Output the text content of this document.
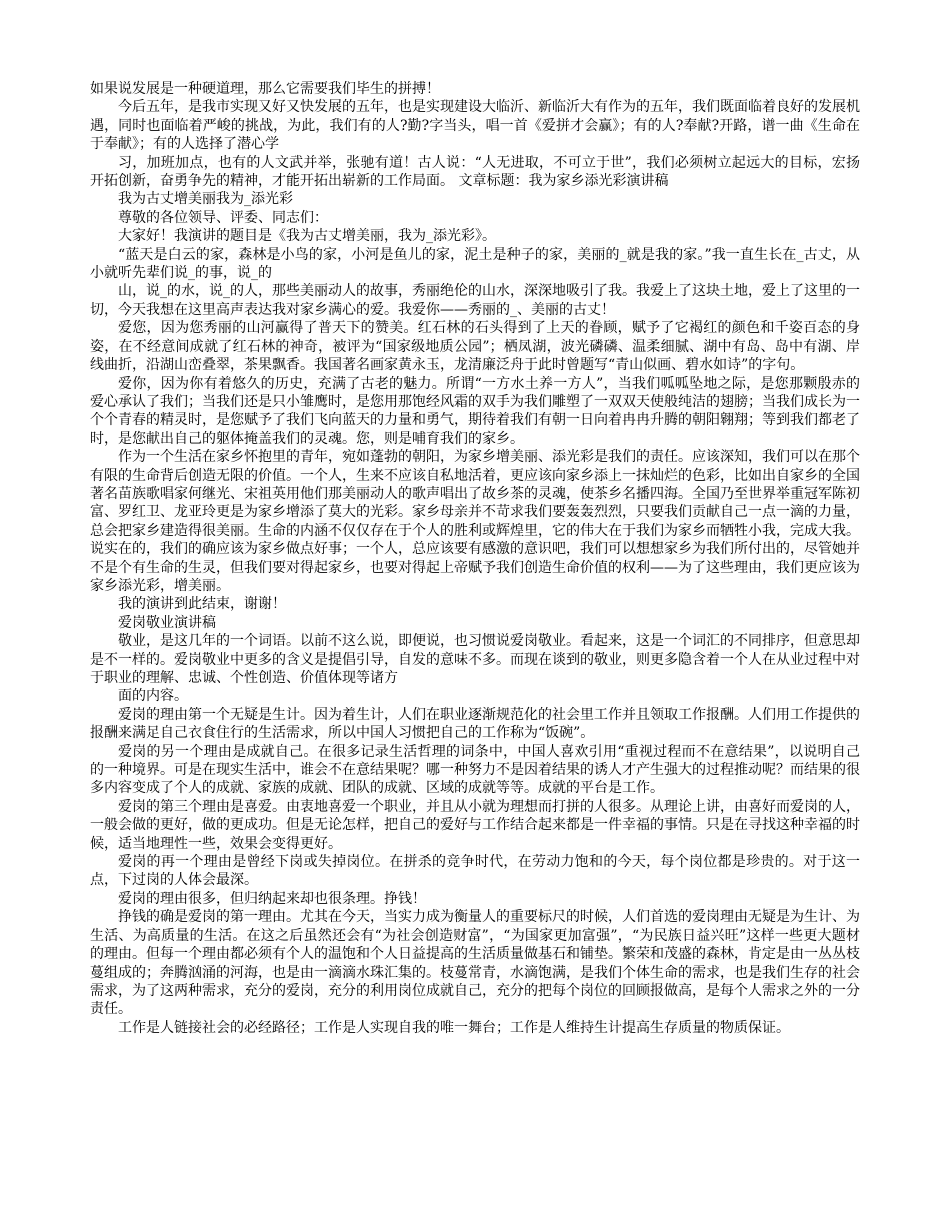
如果说发展是一种硬道理，那么它需要我们毕生的拼搏！

今后五年，是我市实现又好又快发展的五年，也是实现建设大临沂、新临沂大有作为的五年，我们既面临着良好的发展机遇，同时也面临着严峻的挑战，为此，我们有的人?勤?字当头，唱一首《爱拼才会赢》；有的人?奉献?开路，谱一曲《生命在于奉献》；有的人选择了潜心学

习，加班加点，也有的人文武并举，张驰有道！古人说：“人无进取，不可立于世”，我们必须树立起远大的目标，宏扬开拓创新，奋勇争先的精神，才能开拓出崭新的工作局面。 文章标题：我为家乡添光彩演讲稿

我为古丈增美丽我为_添光彩

尊敬的各位领导、评委、同志们：

大家好！我演讲的题目是《我为古丈增美丽，我为_添光彩》。

“蓝天是白云的家，森林是小鸟的家，小河是鱼儿的家，泥土是种子的家，美丽的_就是我的家。”我一直生长在_古丈，从小就听先辈们说_的事，说_的

山，说_的水，说_的人，那些美丽动人的故事，秀丽绝伦的山水，深深地吸引了我。我爱上了这块土地，爱上了这里的一切，今天我想在这里高声表达我对家乡满心的爱。我爱你——秀丽的_、美丽的古丈！

爱您，因为您秀丽的山河赢得了普天下的赞美。红石林的石头得到了上天的眷顾，赋予了它褐红的颜色和千姿百态的身姿，在不经意间成就了红石林的神奇，被评为“国家级地质公园”；栖凤湖，波光磷磷、温柔细腻、湖中有岛、岛中有湖、岸线曲折，沿湖山峦叠翠，茶果飘香。我国著名画家黄永玉，龙清廉泛舟于此时曾题写“青山似画、碧水如诗”的字句。

爱你，因为你有着悠久的历史，充满了古老的魅力。所谓“一方水土养一方人”，当我们呱呱坠地之际，是您那颗殷赤的爱心承认了我们；当我们还是只小雏鹰时，是您用那饱经风霜的双手为我们雕塑了一双双天使般纯洁的翅膀；当我们成长为一个个青春的精灵时，是您赋予了我们飞向蓝天的力量和勇气，期待着我们有朝一日向着冉冉升腾的朝阳翱翔；等到我们都老了时，是您献出自己的躯体掩盖我们的灵魂。您，则是哺育我们的家乡。

作为一个生活在家乡怀抱里的青年，宛如蓬勃的朝阳，为家乡增美丽、添光彩是我们的责任。应该深知，我们可以在那个有限的生命背后创造无限的价值。一个人，生来不应该自私地活着，更应该向家乡添上一抹灿烂的色彩，比如出自家乡的全国著名苗族歌唱家何继光、宋祖英用他们那美丽动人的歌声唱出了故乡茶的灵魂，使茶乡名播四海。全国乃至世界举重冠军陈初富、罗红卫、龙亚玲更是为家乡增添了莫大的光彩。家乡母亲并不苛求我们要轰轰烈烈，只要我们贡献自己一点一滴的力量，总会把家乡建造得很美丽。生命的内涵不仅仅存在于个人的胜利或辉煌里，它的伟大在于我们为家乡而牺牲小我，完成大我。说实在的，我们的确应该为家乡做点好事；一个人，总应该要有感激的意识吧，我们可以想想家乡为我们所付出的，尽管她并不是个有生命的生灵，但我们要对得起家乡，也要对得起上帝赋予我们创造生命价值的权利——为了这些理由，我们更应该为家乡添光彩，增美丽。

我的演讲到此结束，谢谢！

爱岗敬业演讲稿

敬业，是这几年的一个词语。以前不这么说，即便说，也习惯说爱岗敬业。看起来，这是一个词汇的不同排序，但意思却是不一样的。爱岗敬业中更多的含义是提倡引导，自发的意味不多。而现在谈到的敬业，则更多隐含着一个人在从业过程中对于职业的理解、忠诚、个性创造、价值体现等诸方

面的内容。

爱岗的理由第一个无疑是生计。因为着生计，人们在职业逐渐规范化的社会里工作并且领取工作报酬。人们用工作提供的报酬来满足自己衣食住行的生活需求，所以中国人习惯把自己的工作称为“饭碗”。

爱岗的另一个理由是成就自己。在很多记录生活哲理的词条中，中国人喜欢引用“重视过程而不在意结果”，以说明自己的一种境界。可是在现实生活中，谁会不在意结果呢？哪一种努力不是因着结果的诱人才产生强大的过程推动呢？而结果的很多内容变成了个人的成就、家族的成就、团队的成就、区域的成就等等。成就的平台是工作。

爱岗的第三个理由是喜爱。由衷地喜爱一个职业，并且从小就为理想而打拼的人很多。从理论上讲，由喜好而爱岗的人，一般会做的更好，做的更成功。但是无论怎样，把自己的爱好与工作结合起来都是一件幸福的事情。只是在寻找这种幸福的时候，适当地理性一些，效果会变得更好。

爱岗的再一个理由是曾经下岗或失掉岗位。在拼杀的竞争时代，在劳动力饱和的今天，每个岗位都是珍贵的。对于这一点，下过岗的人体会最深。

爱岗的理由很多，但归纳起来却也很条理。挣钱！

挣钱的确是爱岗的第一理由。尤其在今天，当实力成为衡量人的重要标尺的时候，人们首选的爱岗理由无疑是为生计、为生活、为高质量的生活。在这之后虽然还会有“为社会创造财富”，“为国家更加富强”，“为民族日益兴旺”这样一些更大题材的理由。但每一个理由都必须有个人的温饱和个人日益提高的生活质量做基石和铺垫。繁荣和茂盛的森林，肯定是由一丛丛枝蔓组成的；奔腾汹涌的河海，也是由一滴滴水珠汇集的。枝蔓常青，水滴饱满，是我们个体生命的需求，也是我们生存的社会需求，为了这两种需求，充分的爱岗，充分的利用岗位成就自己，充分的把每个岗位的回顾报做高，是每个人需求之外的一分责任。

工作是人链接社会的必经路径；工作是人实现自我的唯一舞台；工作是人维持生计提高生存质量的物质保证。
